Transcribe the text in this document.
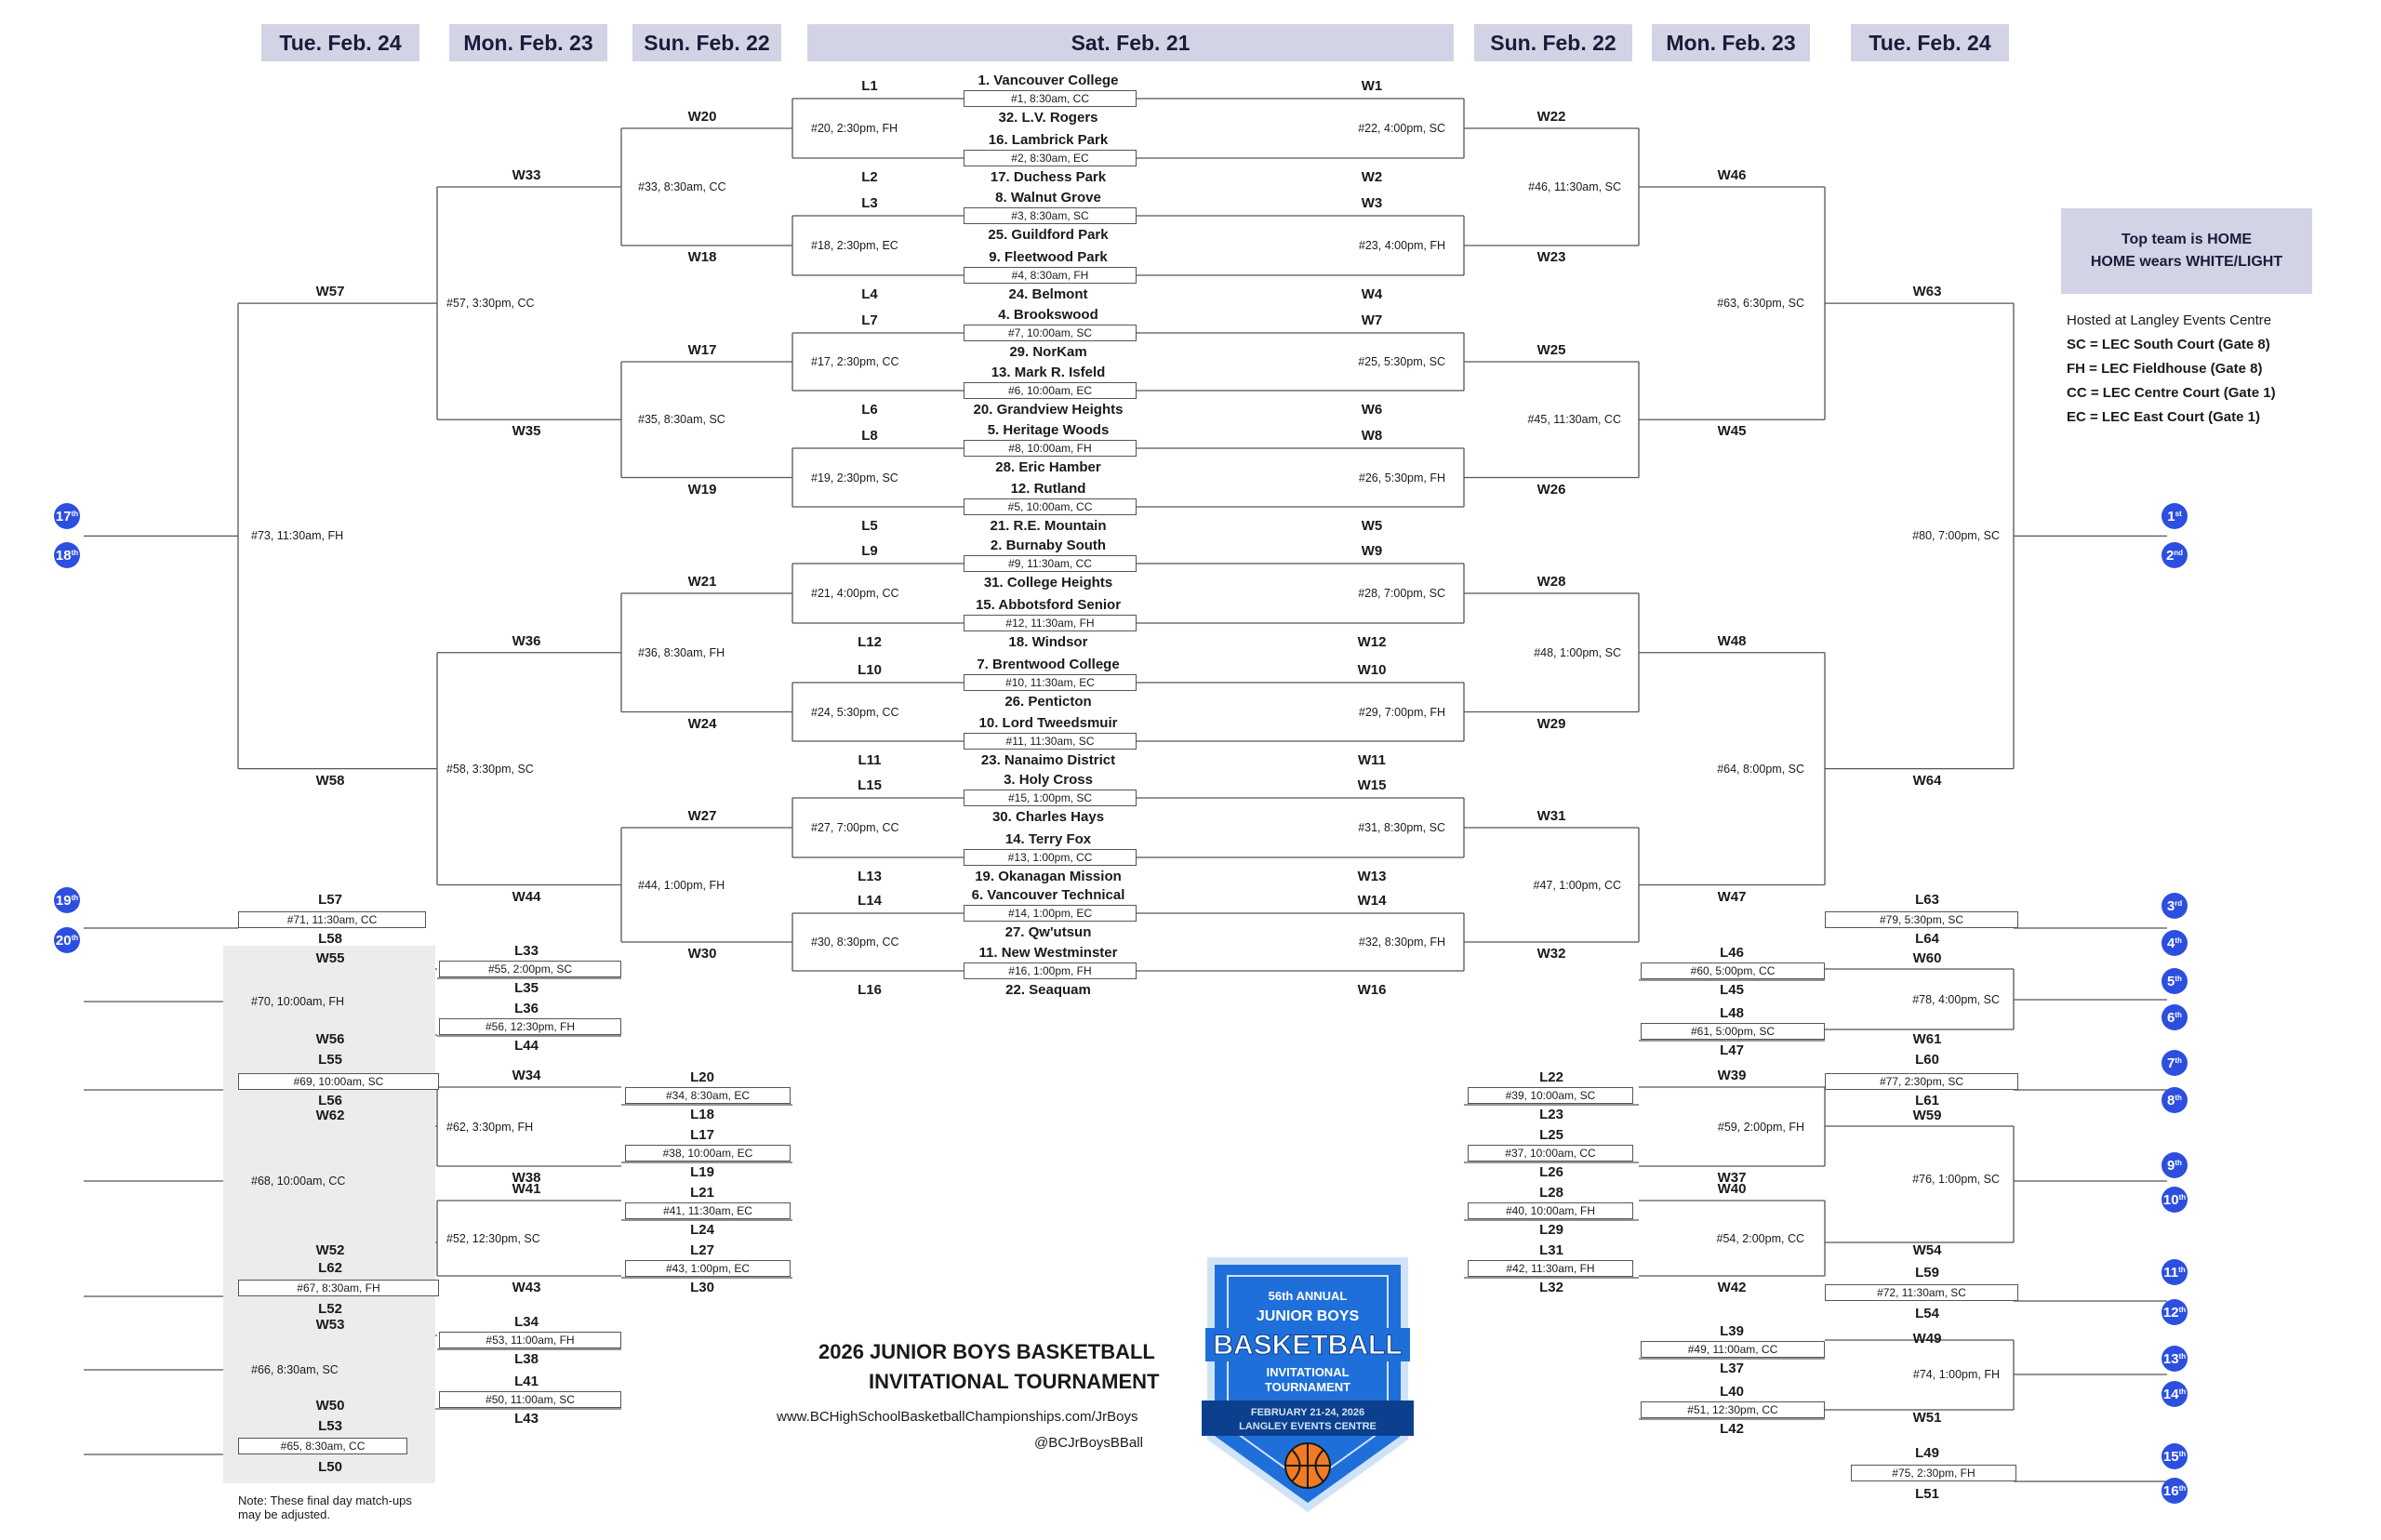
Tue. Feb. 24	Mon. Feb. 23	Sun. Feb. 22	Sat. Feb. 21	Sun. Feb. 22	Mon. Feb. 23	Tue. Feb. 24
1. Vancouver College
#1, 8:30am, CC
32. L.V. Rogers
L1	W1
16. Lambrick Park
#2, 8:30am, EC
17. Duchess Park
L2	W2
8. Walnut Grove
#3, 8:30am, SC
25. Guildford Park
L3	W3
9. Fleetwood Park
#4, 8:30am, FH
24. Belmont
L4	W4
4. Brookswood
#7, 10:00am, SC
29. NorKam
L7	W7
13. Mark R. Isfeld
#6, 10:00am, EC
20. Grandview Heights
L6	W6
5. Heritage Woods
#8, 10:00am, FH
28. Eric Hamber
L8	W8
12. Rutland
#5, 10:00am, CC
21. R.E. Mountain
L5	W5
2. Burnaby South
#9, 11:30am, CC
31. College Heights
L9	W9
15. Abbotsford Senior
#12, 11:30am, FH
18. Windsor
L12	W12
7. Brentwood College
#10, 11:30am, EC
26. Penticton
L10	W10
10. Lord Tweedsmuir
#11, 11:30am, SC
23. Nanaimo District
L11	W11
3. Holy Cross
#15, 1:00pm, SC
30. Charles Hays
L15	W15
14. Terry Fox
#13, 1:00pm, CC
19. Okanagan Mission
L13	W13
6. Vancouver Technical
#14, 1:00pm, EC
27. Qw'utsun
L14	W14
11. New Westminster
#16, 1:00pm, FH
22. Seaquam
L16	W16
#20, 2:30pm, FH	#22, 4:00pm, SC
#18, 2:30pm, EC	#23, 4:00pm, FH
#17, 2:30pm, CC	#25, 5:30pm, SC
#19, 2:30pm, SC	#26, 5:30pm, FH
#21, 4:00pm, CC	#28, 7:00pm, SC
#24, 5:30pm, CC	#29, 7:00pm, FH
#27, 7:00pm, CC	#31, 8:30pm, SC
#30, 8:30pm, CC	#32, 8:30pm, FH
W20
W18
#33, 8:30am, CC
W22
W23
#46, 11:30am, SC
W17
W19
#35, 8:30am, SC
W25
W26
#45, 11:30am, CC
W21
W24
#36, 8:30am, FH
W28
W29
#48, 1:00pm, SC
W27
W30
#44, 1:00pm, FH
W31
W32
#47, 1:00pm, CC
W33
W35
#57, 3:30pm, CC
W46
W45
#63, 6:30pm, SC
W36
W44
#58, 3:30pm, SC
W48
W47
#64, 8:00pm, SC
W57
W58
#73, 11:30am, FH
W63
W64
#80, 7:00pm, SC
17 th
18 th
1 st
2 nd
L20
#34, 8:30am, EC
L18
L17
#38, 10:00am, EC
L19
L21
#41, 11:30am, EC
L24
L27
#43, 1:00pm, EC
L30
W34
W38
#62, 3:30pm, FH
W41
W43
#52, 12:30pm, SC
L33
#55, 2:00pm, SC
L35
L36
#56, 12:30pm, FH
L44
L34
#53, 11:00am, FH
L38
L41
#50, 11:00am, SC
L43
L57
#71, 11:30am, CC
L58
19 th
20 th
W55
W56
#70, 10:00am, FH
L55
#69, 10:00am, SC
L56
W62
W52
#68, 10:00am, CC
L62
#67, 8:30am, FH
L52
W53
W50
#66, 8:30am, SC
L53
#65, 8:30am, CC
L50
L22
#39, 10:00am, SC
L23
L25
#37, 10:00am, CC
L26
L28
#40, 10:00am, FH
L29
L31
#42, 11:30am, FH
L32
W39
W37
#59, 2:00pm, FH
W40
W42
#54, 2:00pm, CC
L46
#60, 5:00pm, CC
L45
L48
#61, 5:00pm, SC
L47
L39
#49, 11:00am, CC
L37
L40
#51, 12:30pm, CC
L42
L63
#79, 5:30pm, SC
L64
3 rd
4 th
W60
W61
#78, 4:00pm, SC
5 th
6 th
L60
#77, 2:30pm, SC
L61
7 th
8 th
W59
W54
#76, 1:00pm, SC
9 th
10 th
L59
#72, 11:30am, SC
L54
11 th
12 th
W49
W51
#74, 1:00pm, FH
13 th
14 th
L49
#75, 2:30pm, FH
L51
15 th
16 th
Top team is HOME
HOME wears WHITE/LIGHT
Hosted at Langley Events Centre
SC = LEC South Court (Gate 8)
FH = LEC Fieldhouse (Gate 8)
CC = LEC Centre Court (Gate 1)
EC = LEC East Court (Gate 1)
2026 JUNIOR BOYS BASKETBALL
INVITATIONAL TOURNAMENT
www.BCHighSchoolBasketballChampionships.com/JrBoys
@BCJrBoysBBall
Note: These final day match-ups
may be adjusted.
56th ANNUAL
JUNIOR BOYS
BASKETBALL
INVITATIONAL
TOURNAMENT
FEBRUARY 21-24, 2026
LANGLEY EVENTS CENTRE
